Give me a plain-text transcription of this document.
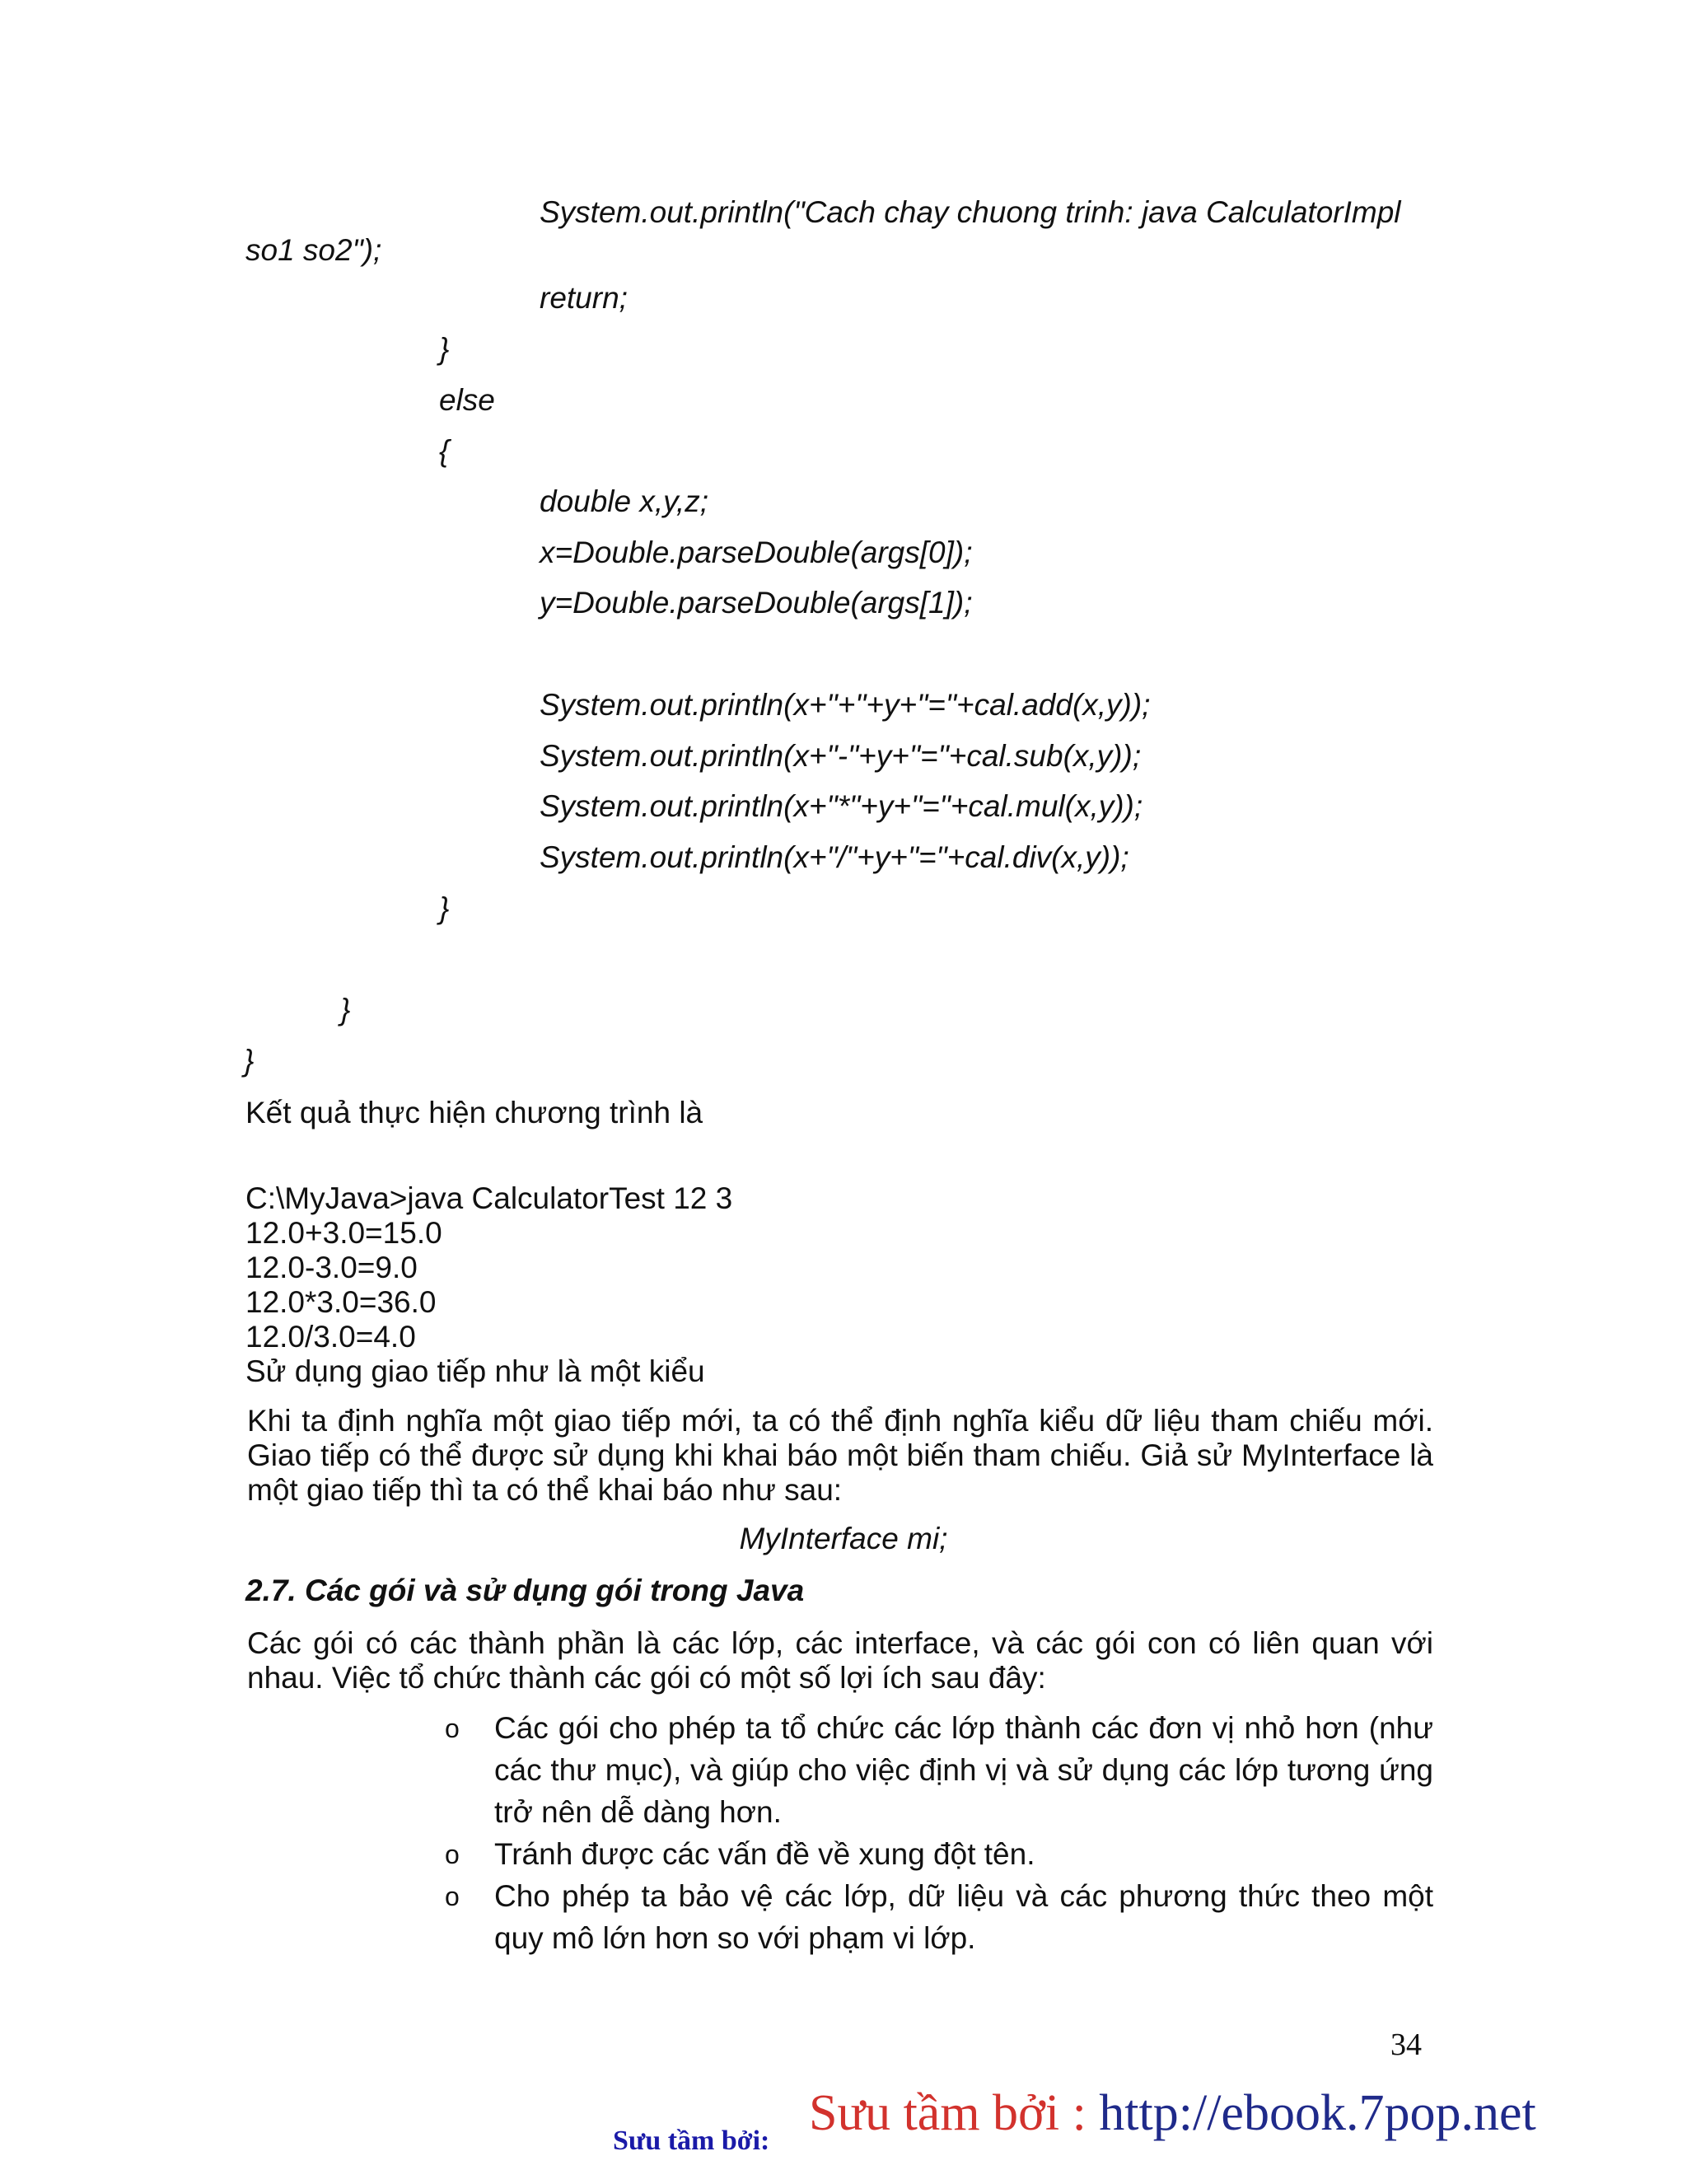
System.out.println("Cach chay chuong trinh: java CalculatorImpl
so1 so2");
return;
}
else
{
double x,y,z;
x=Double.parseDouble(args[0]);
y=Double.parseDouble(args[1]);
System.out.println(x+"+"+y+"="+cal.add(x,y));
System.out.println(x+"-"+y+"="+cal.sub(x,y));
System.out.println(x+"*"+y+"="+cal.mul(x,y));
System.out.println(x+"/"+y+"="+cal.div(x,y));
}
}
}
Kết quả thực hiện chương trình là
C:\MyJava>java CalculatorTest 12 3
12.0+3.0=15.0
12.0-3.0=9.0
12.0*3.0=36.0
12.0/3.0=4.0
Sử dụng giao tiếp như là một kiểu
Khi ta định nghĩa một giao tiếp mới, ta có thể định nghĩa kiểu dữ liệu tham chiếu mới. Giao tiếp có thể được sử dụng khi khai báo một biến tham chiếu. Giả sử MyInterface là một giao tiếp thì ta có thể khai báo như sau:
MyInterface mi;
2.7. Các gói và sử dụng gói trong Java
Các gói có các thành phần là các lớp, các interface, và các gói con có liên quan với nhau. Việc tổ chức thành các gói có một số lợi ích sau đây:
o Các gói cho phép ta tổ chức các lớp thành các đơn vị nhỏ hơn (như các thư mục), và giúp cho việc định vị và sử dụng các lớp tương ứng trở nên dễ dàng hơn.
o Tránh được các vấn đề về xung đột tên.
o Cho phép ta bảo vệ các lớp, dữ liệu và các phương thức theo một quy mô lớn hơn so với phạm vi lớp.
34
Sưu tầm bởi: Sưu tầm bởi : http://ebook.7pop.net
